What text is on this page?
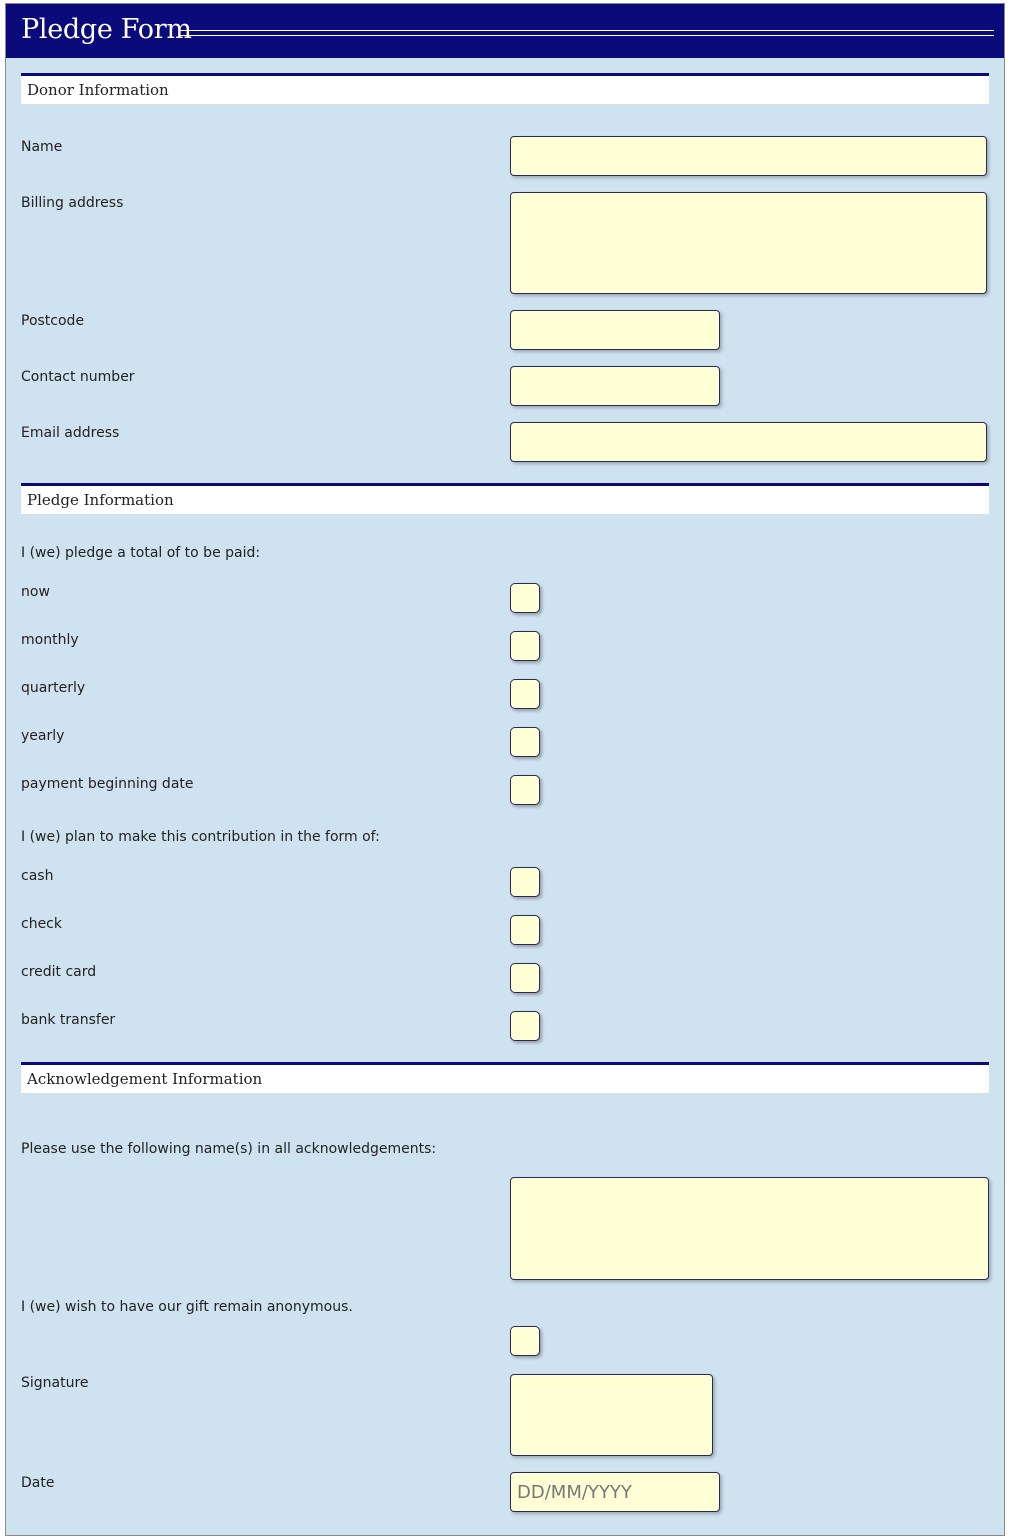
Pledge Form
Donor Information
Name
Billing address
Postcode
Contact number
Email address
Pledge Information
I (we) pledge a total of to be paid:
now
monthly
quarterly
yearly
payment beginning date
I (we) plan to make this contribution in the form of:
cash
check
credit card
bank transfer
Acknowledgement Information
Please use the following name(s) in all acknowledgements:
I (we) wish to have our gift remain anonymous.
Signature
Date
DD/MM/YYYY
